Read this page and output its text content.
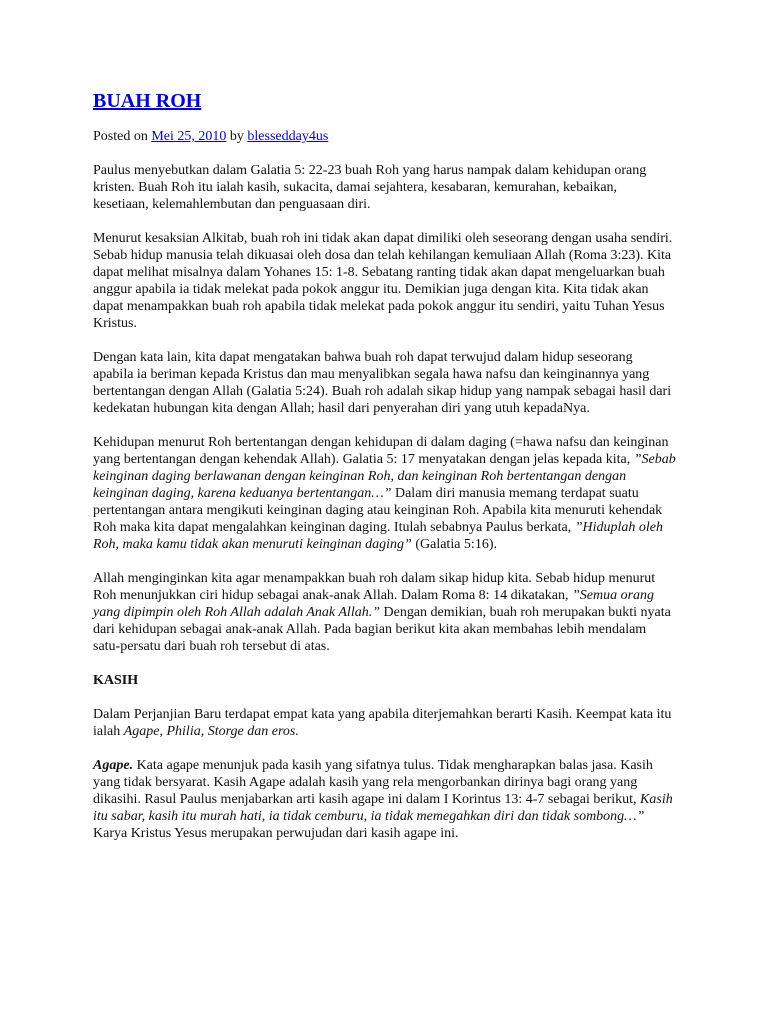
BUAH ROH

Posted on Mei 25, 2010 by blessedday4us

Paulus menyebutkan dalam Galatia 5: 22-23 buah Roh yang harus nampak dalam kehidupan orang kristen. Buah Roh itu ialah kasih, sukacita, damai sejahtera, kesabaran, kemurahan, kebaikan, kesetiaan, kelemahlembutan dan penguasaan diri.

Menurut kesaksian Alkitab, buah roh ini tidak akan dapat dimiliki oleh seseorang dengan usaha sendiri. Sebab hidup manusia telah dikuasai oleh dosa dan telah kehilangan kemuliaan Allah (Roma 3:23). Kita dapat melihat misalnya dalam Yohanes 15: 1-8. Sebatang ranting tidak akan dapat mengeluarkan buah anggur apabila ia tidak melekat pada pokok anggur itu. Demikian juga dengan kita. Kita tidak akan dapat menampakkan buah roh apabila tidak melekat pada pokok anggur itu sendiri, yaitu Tuhan Yesus Kristus.

Dengan kata lain, kita dapat mengatakan bahwa buah roh dapat terwujud dalam hidup seseorang apabila ia beriman kepada Kristus dan mau menyalibkan segala hawa nafsu dan keinginannya yang bertentangan dengan Allah (Galatia 5:24). Buah roh adalah sikap hidup yang nampak sebagai hasil dari kedekatan hubungan kita dengan Allah; hasil dari penyerahan diri yang utuh kepadaNya.

Kehidupan menurut Roh bertentangan dengan kehidupan di dalam daging (=hawa nafsu dan keinginan yang bertentangan dengan kehendak Allah). Galatia 5: 17 menyatakan dengan jelas kepada kita, ”Sebab keinginan daging berlawanan dengan keinginan Roh, dan keinginan Roh bertentangan dengan keinginan daging, karena keduanya bertentangan…” Dalam diri manusia memang terdapat suatu pertentangan antara mengikuti keinginan daging atau keinginan Roh. Apabila kita menuruti kehendak Roh maka kita dapat mengalahkan keinginan daging. Itulah sebabnya Paulus berkata, ”Hiduplah oleh Roh, maka kamu tidak akan menuruti keinginan daging” (Galatia 5:16).

Allah menginginkan kita agar menampakkan buah roh dalam sikap hidup kita. Sebab hidup menurut Roh menunjukkan ciri hidup sebagai anak-anak Allah. Dalam Roma 8: 14 dikatakan, ”Semua orang yang dipimpin oleh Roh Allah adalah Anak Allah.” Dengan demikian, buah roh merupakan bukti nyata dari kehidupan sebagai anak-anak Allah. Pada bagian berikut kita akan membahas lebih mendalam satu-persatu dari buah roh tersebut di atas.

KASIH

Dalam Perjanjian Baru terdapat empat kata yang apabila diterjemahkan berarti Kasih. Keempat kata itu ialah Agape, Philia, Storge dan eros.

Agape. Kata agape menunjuk pada kasih yang sifatnya tulus. Tidak mengharapkan balas jasa. Kasih yang tidak bersyarat. Kasih Agape adalah kasih yang rela mengorbankan dirinya bagi orang yang dikasihi. Rasul Paulus menjabarkan arti kasih agape ini dalam I Korintus 13: 4-7 sebagai berikut, Kasih itu sabar, kasih itu murah hati, ia tidak cemburu, ia tidak memegahkan diri dan tidak sombong…” Karya Kristus Yesus merupakan perwujudan dari kasih agape ini.
